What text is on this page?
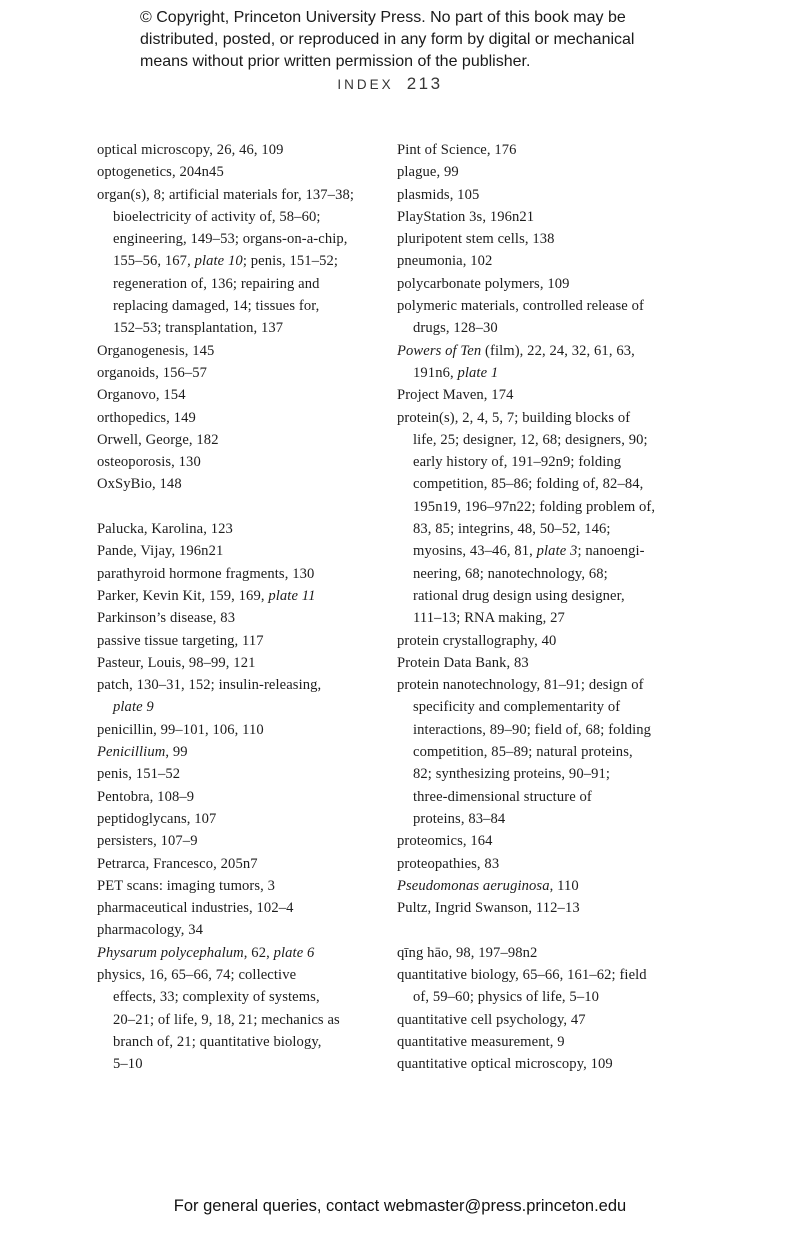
© Copyright, Princeton University Press. No part of this book may be
distributed, posted, or reproduced in any form by digital or mechanical
means without prior written permission of the publisher.
INDEX 213
optical microscopy, 26, 46, 109
optogenetics, 204n45
organ(s), 8; artificial materials for, 137–38;
bioelectricity of activity of, 58–60;
engineering, 149–53; organs-on-a-chip,
155–56, 167, plate 10; penis, 151–52;
regeneration of, 136; repairing and
replacing damaged, 14; tissues for,
152–53; transplantation, 137
Organogenesis, 145
organoids, 156–57
Organovo, 154
orthopedics, 149
Orwell, George, 182
osteoporosis, 130
OxSyBio, 148
Palucka, Karolina, 123
Pande, Vijay, 196n21
parathyroid hormone fragments, 130
Parker, Kevin Kit, 159, 169, plate 11
Parkinson’s disease, 83
passive tissue targeting, 117
Pasteur, Louis, 98–99, 121
patch, 130–31, 152; insulin-releasing,
plate 9
penicillin, 99–101, 106, 110
Penicillium, 99
penis, 151–52
Pentobra, 108–9
peptidoglycans, 107
persisters, 107–9
Petrarca, Francesco, 205n7
PET scans: imaging tumors, 3
pharmaceutical industries, 102–4
pharmacology, 34
Physarum polycephalum, 62, plate 6
physics, 16, 65–66, 74; collective
effects, 33; complexity of systems,
20–21; of life, 9, 18, 21; mechanics as
branch of, 21; quantitative biology,
5–10
Pint of Science, 176
plague, 99
plasmids, 105
PlayStation 3s, 196n21
pluripotent stem cells, 138
pneumonia, 102
polycarbonate polymers, 109
polymeric materials, controlled release of
drugs, 128–30
Powers of Ten (film), 22, 24, 32, 61, 63,
191n6, plate 1
Project Maven, 174
protein(s), 2, 4, 5, 7; building blocks of
life, 25; designer, 12, 68; designers, 90;
early history of, 191–92n9; folding
competition, 85–86; folding of, 82–84,
195n19, 196–97n22; folding problem of,
83, 85; integrins, 48, 50–52, 146;
myosins, 43–46, 81, plate 3; nanoengi-
neering, 68; nanotechnology, 68;
rational drug design using designer,
111–13; RNA making, 27
protein crystallography, 40
Protein Data Bank, 83
protein nanotechnology, 81–91; design of
specificity and complementarity of
interactions, 89–90; field of, 68; folding
competition, 85–89; natural proteins,
82; synthesizing proteins, 90–91;
three-dimensional structure of
proteins, 83–84
proteomics, 164
proteopathies, 83
Pseudomonas aeruginosa, 110
Pultz, Ingrid Swanson, 112–13
qīng hāo, 98, 197–98n2
quantitative biology, 65–66, 161–62; field
of, 59–60; physics of life, 5–10
quantitative cell psychology, 47
quantitative measurement, 9
quantitative optical microscopy, 109
For general queries, contact webmaster@press.princeton.edu
